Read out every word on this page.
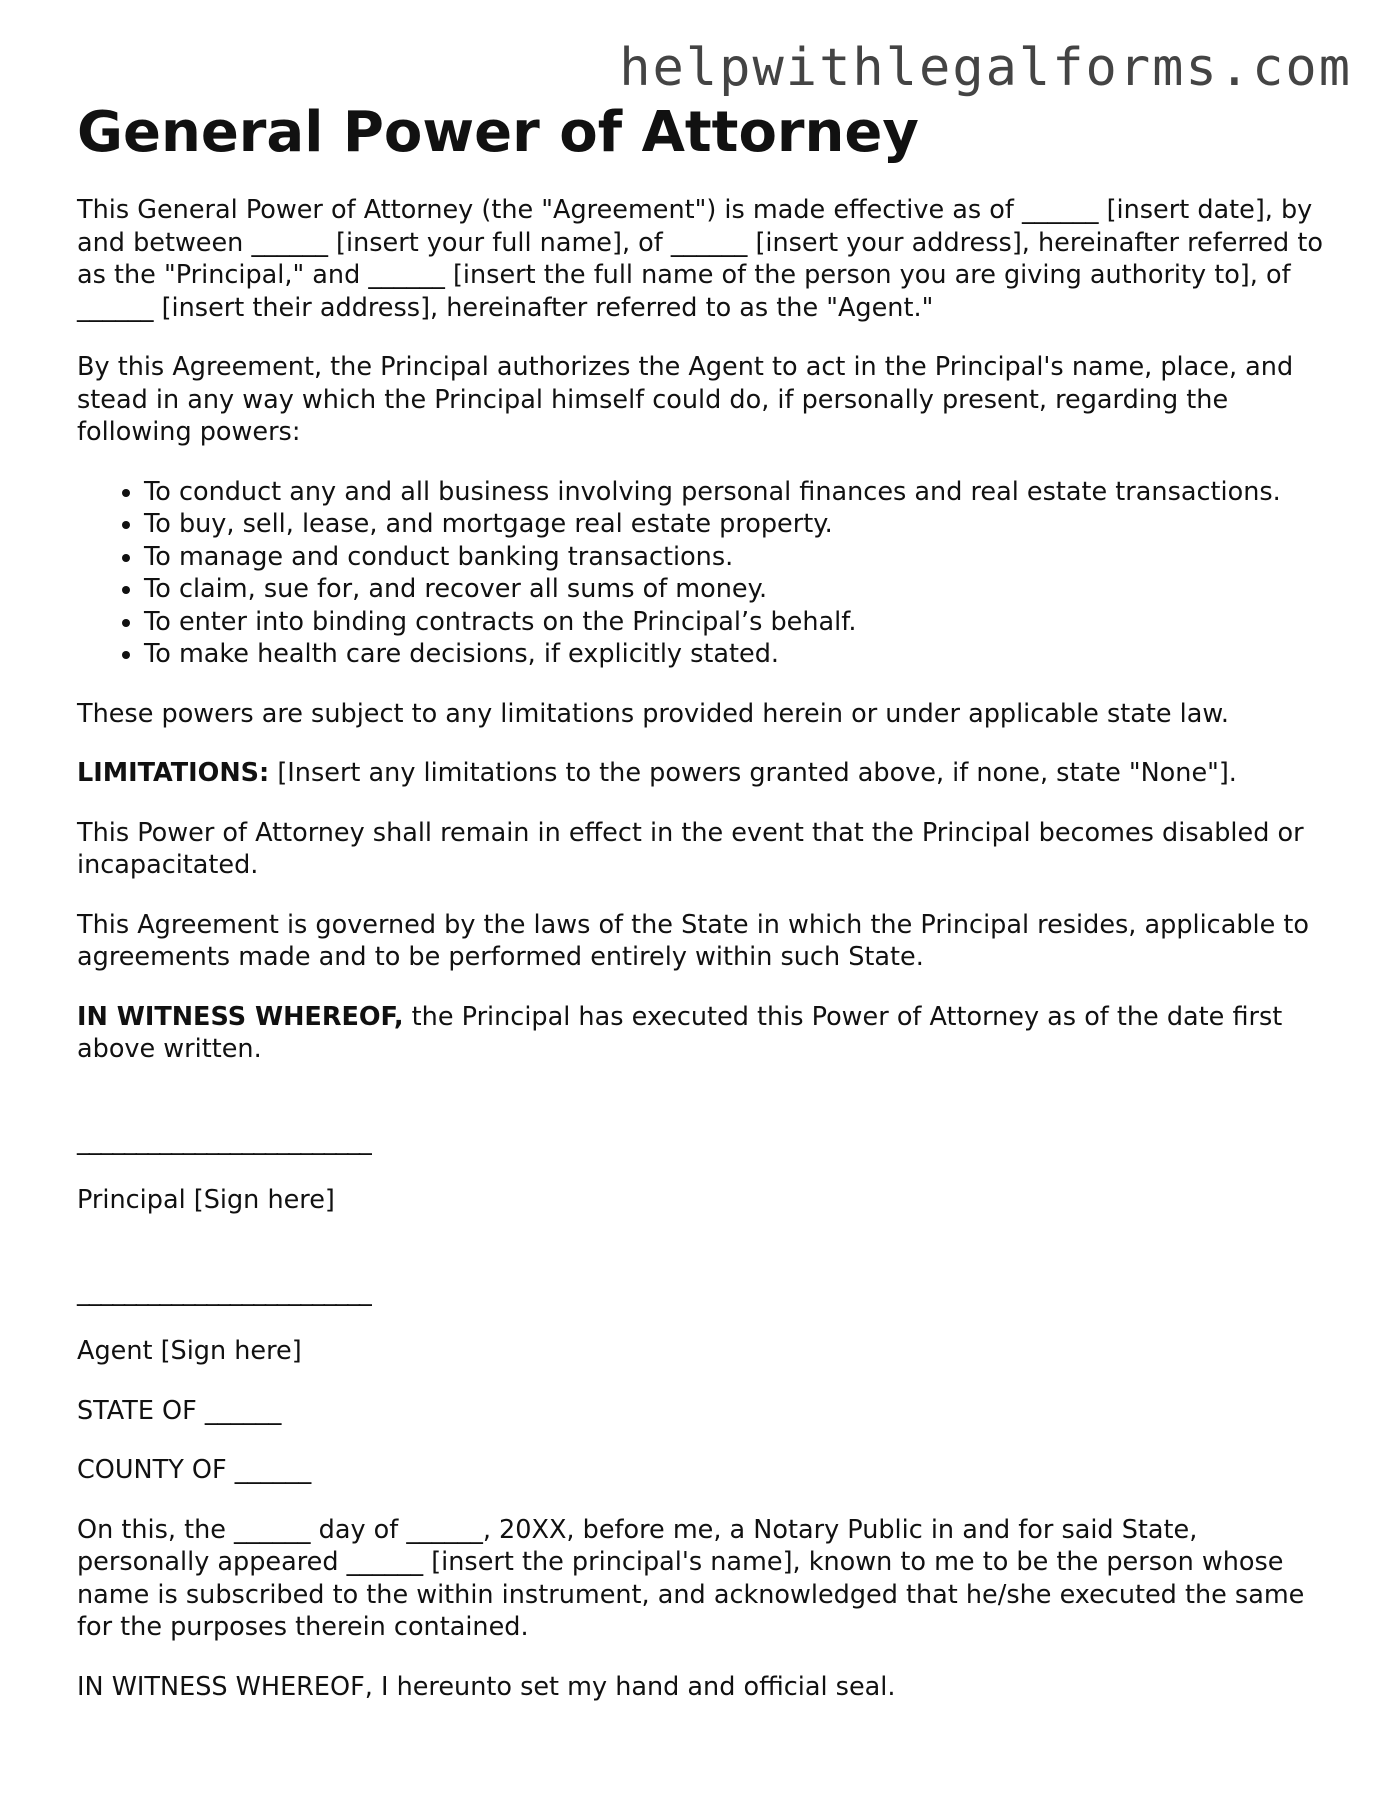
helpwithlegalforms.com
General Power of Attorney

This General Power of Attorney (the "Agreement") is made effective as of ______ [insert date], by and between ______ [insert your full name], of ______ [insert your address], hereinafter referred to as the "Principal," and ______ [insert the full name of the person you are giving authority to], of ______ [insert their address], hereinafter referred to as the "Agent."

By this Agreement, the Principal authorizes the Agent to act in the Principal's name, place, and stead in any way which the Principal himself could do, if personally present, regarding the following powers:

• To conduct any and all business involving personal finances and real estate transactions.
• To buy, sell, lease, and mortgage real estate property.
• To manage and conduct banking transactions.
• To claim, sue for, and recover all sums of money.
• To enter into binding contracts on the Principal’s behalf.
• To make health care decisions, if explicitly stated.

These powers are subject to any limitations provided herein or under applicable state law.

LIMITATIONS: [Insert any limitations to the powers granted above, if none, state "None"].

This Power of Attorney shall remain in effect in the event that the Principal becomes disabled or incapacitated.

This Agreement is governed by the laws of the State in which the Principal resides, applicable to agreements made and to be performed entirely within such State.

IN WITNESS WHEREOF, the Principal has executed this Power of Attorney as of the date first above written.

_________________________

Principal [Sign here]

_________________________

Agent [Sign here]

STATE OF ______

COUNTY OF ______

On this, the ______ day of ______, 20XX, before me, a Notary Public in and for said State, personally appeared ______ [insert the principal's name], known to me to be the person whose name is subscribed to the within instrument, and acknowledged that he/she executed the same for the purposes therein contained.

IN WITNESS WHEREOF, I hereunto set my hand and official seal.
